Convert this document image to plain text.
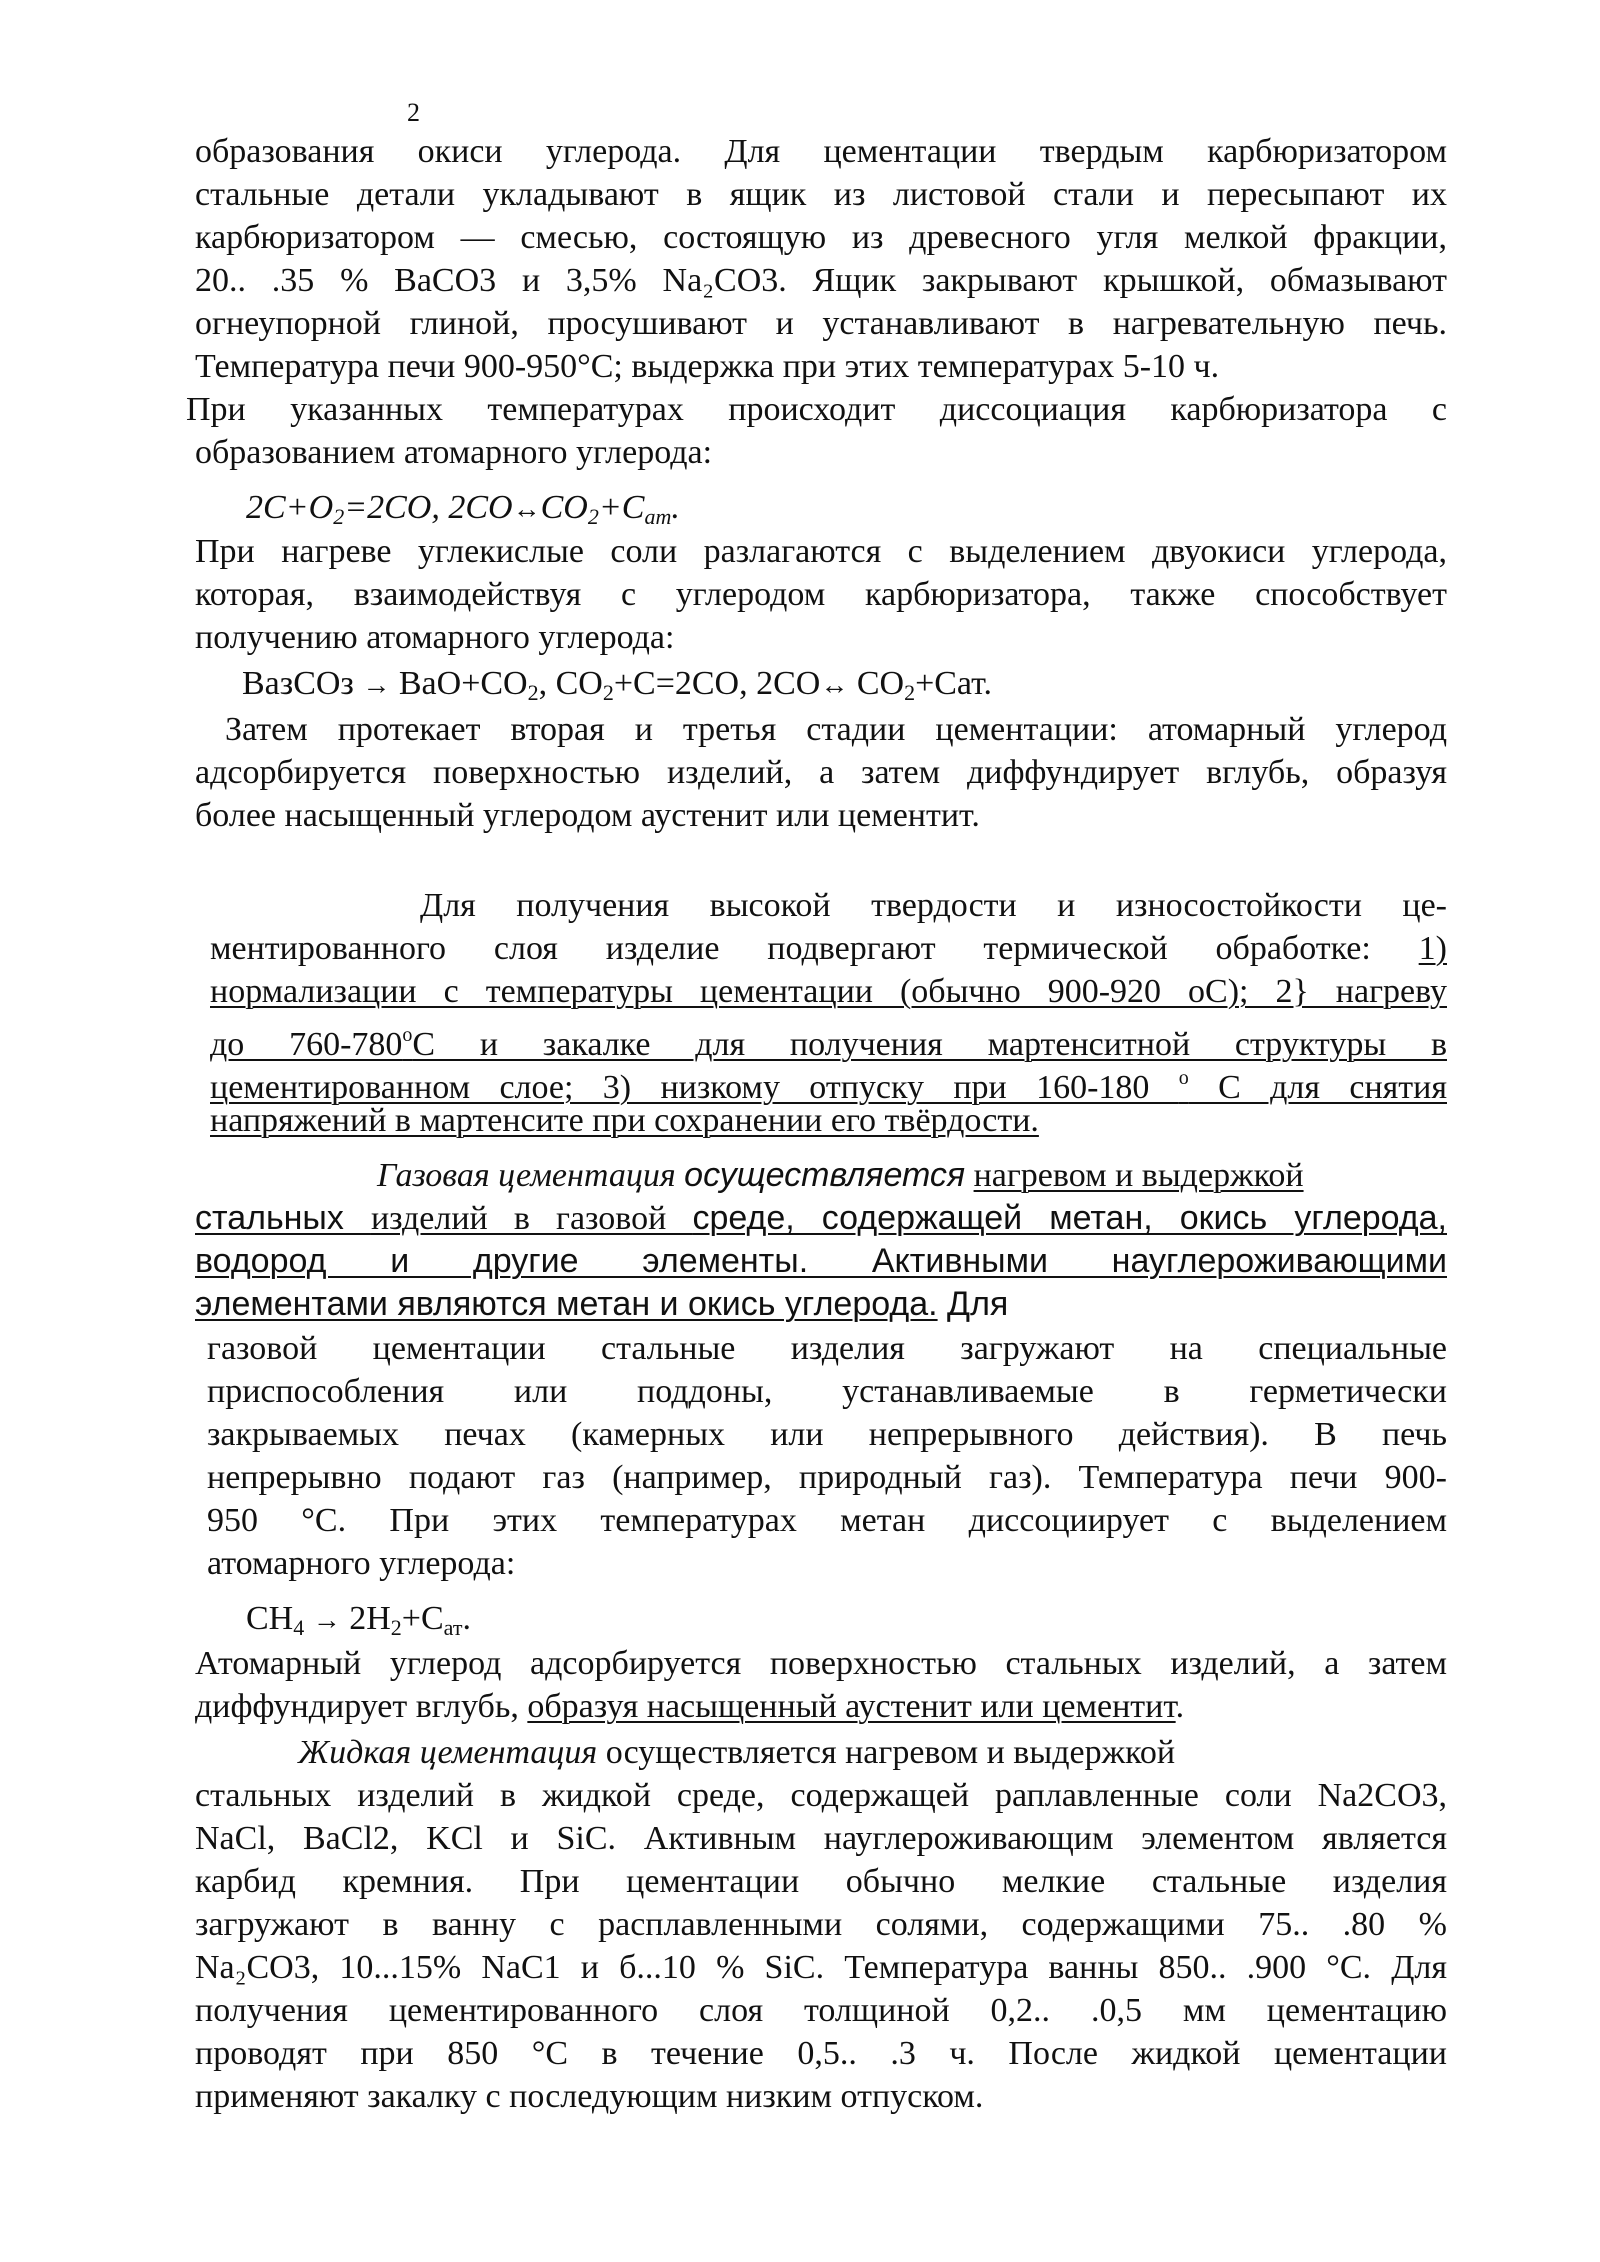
2
образования окиси углерода. Для цементации твердым карбюризатором
стальные детали укладывают в ящик из листовой стали и пересыпают их
карбюризатором — смесью, состоящую из древесного угля мелкой фракции,
20.. .35 % BaCO3 и 3,5% Na₂CO3. Ящик закрывают крышкой, обмазывают
огнеупорной глиной, просушивают и устанавливают в нагревательную печь.
Температура печи 900-950°С; выдержка при этих температурах 5-10 ч.
При указанных температурах происходит диссоциация карбюризатора с
образованием атомарного углерода:
$2С+О_2=2СО$, $2СО\leftrightarrow СО_2+С_{ат}$.
При нагреве углекислые соли разлагаются с выделением двуокиси углерода,
которая, взаимодействуя с углеродом карбюризатора, также способствует
получению атомарного углерода:
ВазСОз → $ВаО+СО_2$, $СО_2+С=2СО$, 2СО↔ $СО_2+Сат$.
Затем протекает вторая и третья стадии цементации: атомарный углерод
адсорбируется поверхностью изделий, а затем диффундирует вглубь, образуя
более насыщенный углеродом аустенит или цементит.
Для получения высокой твердости и износостойкости це-
ментированного слоя изделие подвергают термической обработке: 1)
нормализации с температуры цементации (обычно 900-920 оС); 2} нагреву
до $760-780^оС$ и закалке для получения мартенситной структуры в
цементированном слое; 3) низкому отпуску при 160-180 $^о$ С для снятия
напряжений в мартенсите при сохранении его твёрдости.
Газовая цементация осуществляется нагревом и выдержкой
стальных изделий в газовой среде, содержащей метан, окись углерода,
водород и другие элементы. Активными науглероживающими
элементами являются метан и окись углерода. Для
газовой цементации стальные изделия загружают на специальные
приспособления или поддоны, устанавливаемые в герметически
закрываемых печах (камерных или непрерывного действия). В печь
непрерывно подают газ (например, природный газ). Температура печи 900-
950 °С. При этих температурах метан диссоциирует с выделением
атомарного углерода:
$СН_4 \to 2Н_2+С_{ат}$.
Атомарный углерод адсорбируется поверхностью стальных изделий, а затем
диффундирует вглубь, образуя насыщенный аустенит или цементит.
Жидкая цементация осуществляется нагревом и выдержкой
стальных изделий в жидкой среде, содержащей раплавленные соли Na2CO3,
NaCl, BaCl2, KCl и SiC. Активным науглероживающим элементом является
карбид кремния. При цементации обычно мелкие стальные изделия
загружают в ванну с расплавленными солями, содержащими 75.. .80 %
Na₂CO3, 10...15% NaC1 и б...10 % SiC. Температура ванны 850.. .900 °С. Для
получения цементированного слоя толщиной 0,2.. .0,5 мм цементацию
проводят при 850 °С в течение 0,5.. .3 ч. После жидкой цементации
применяют закалку с последующим низким отпуском.
